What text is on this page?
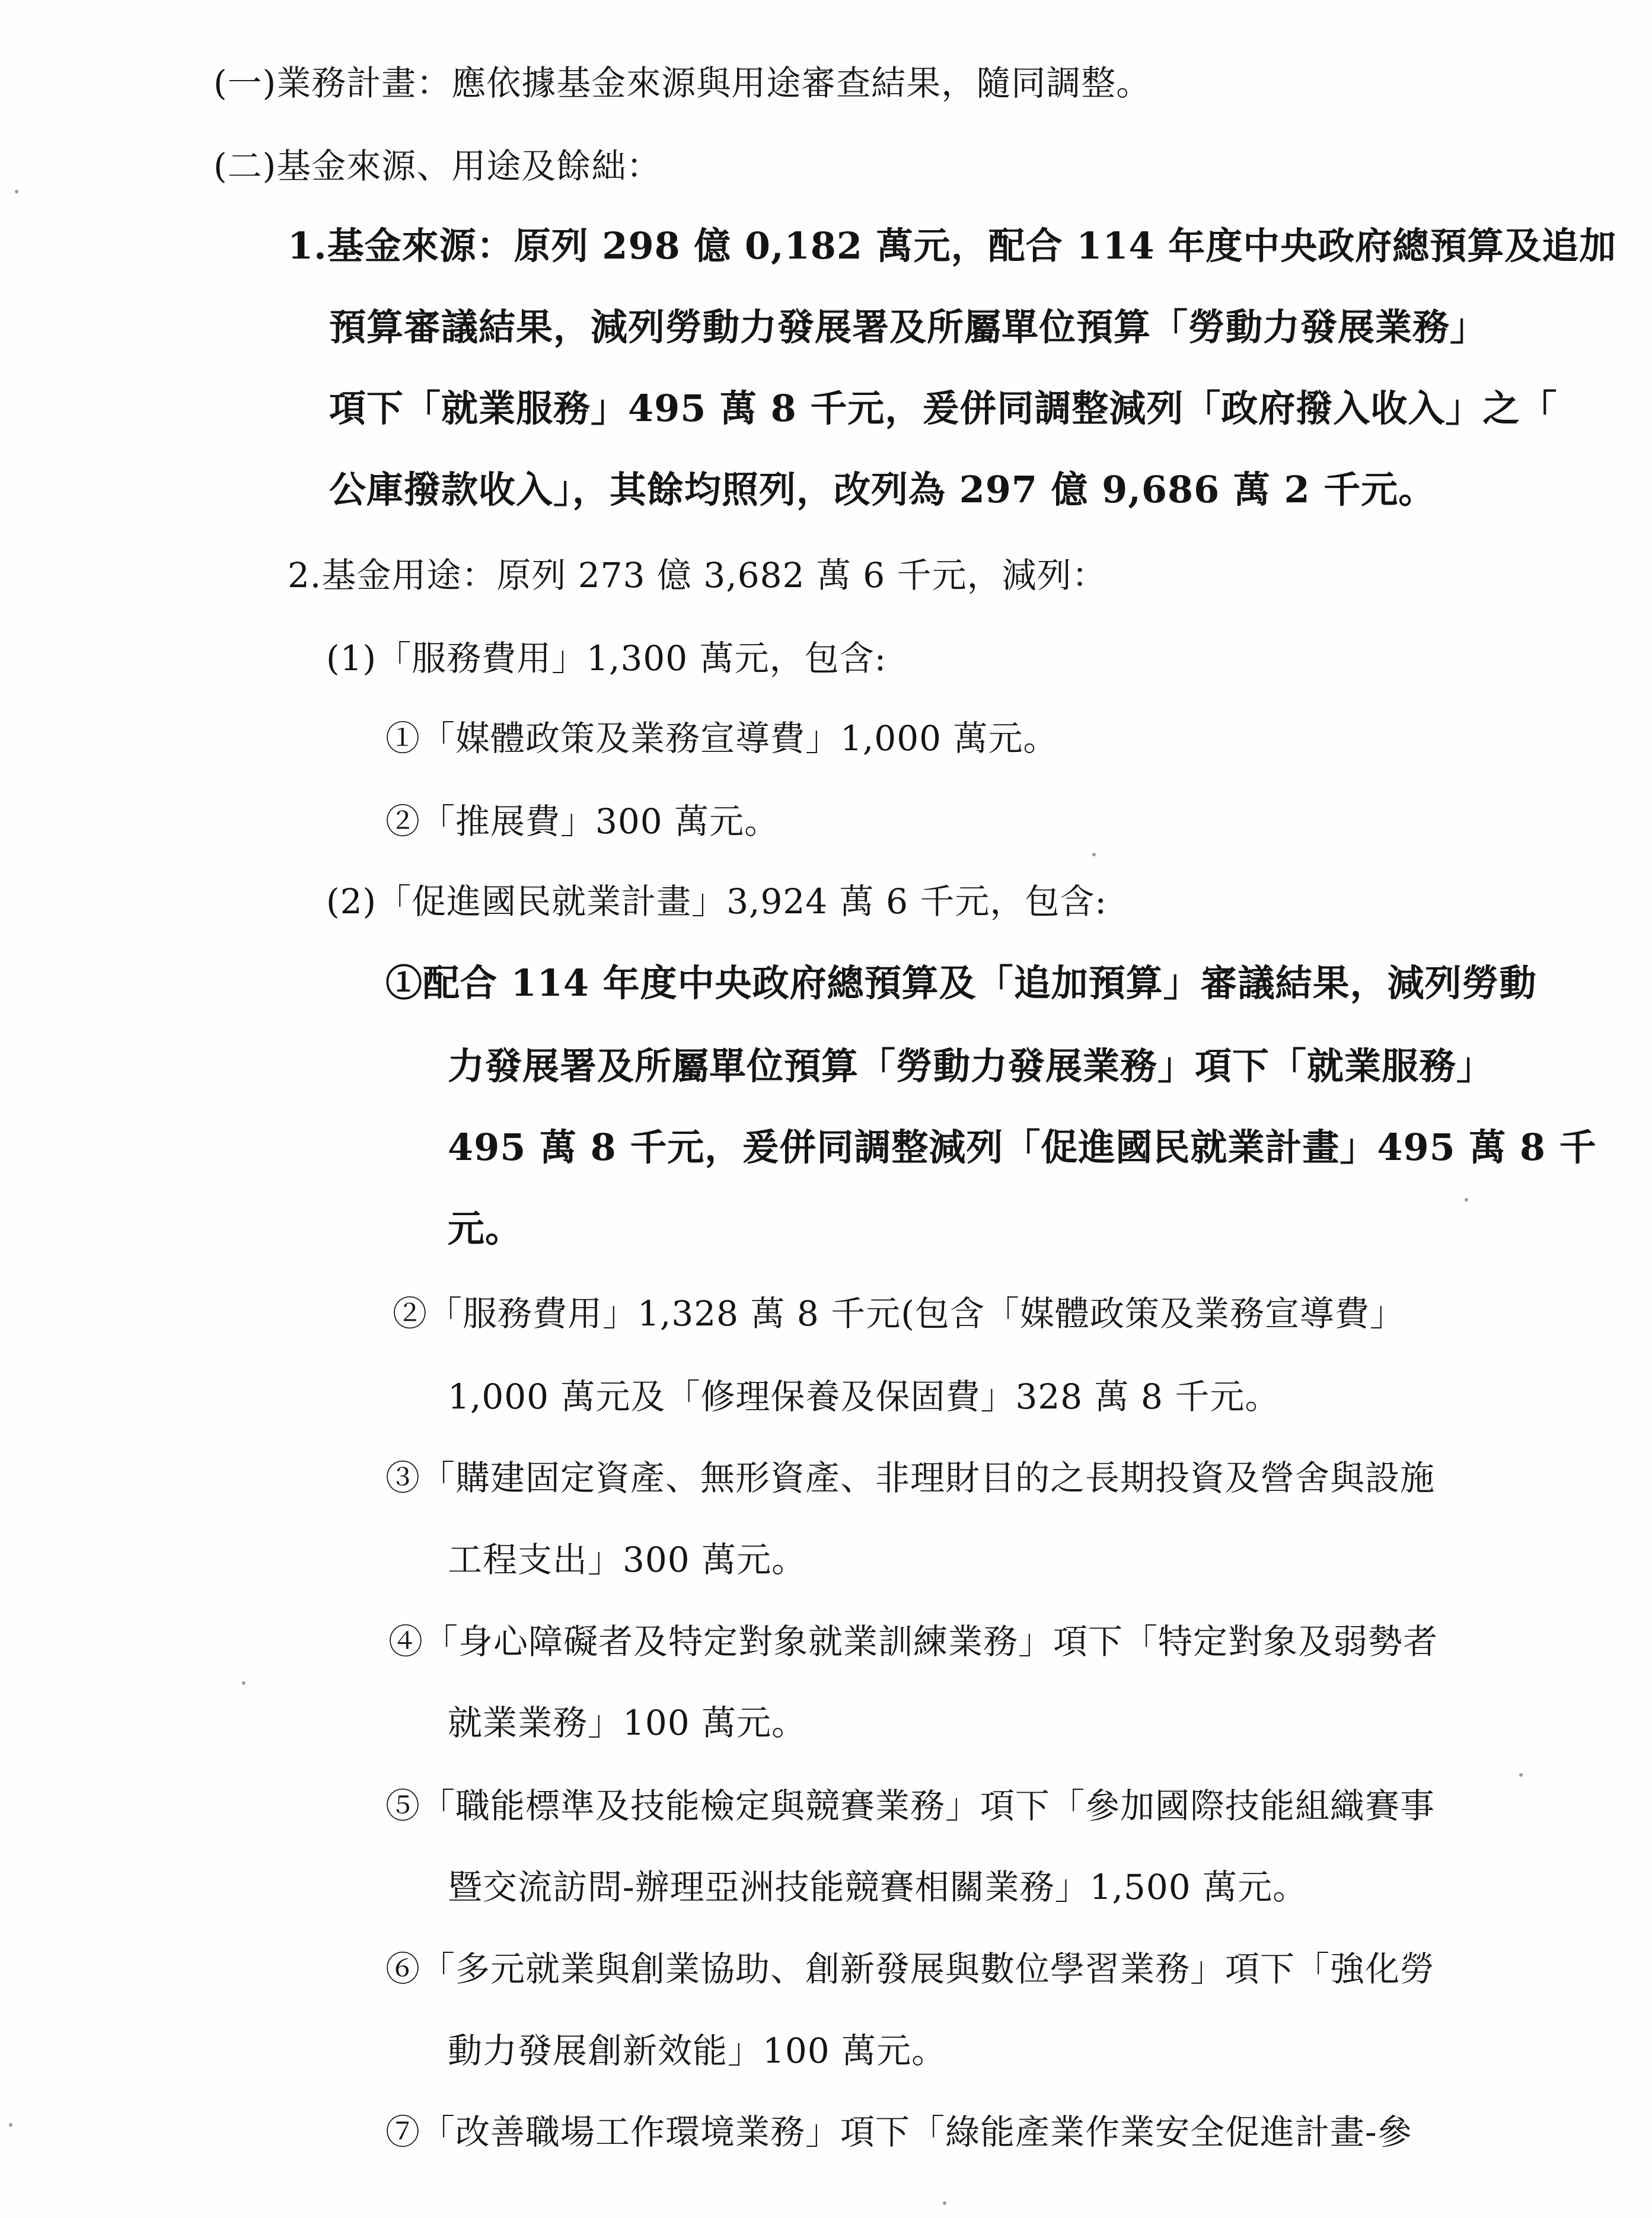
(一)業務計畫：應依據基金來源與用途審查結果，隨同調整。
(二)基金來源、用途及餘絀：
1.基金來源：原列 298 億 0,182 萬元，配合 114 年度中央政府總預算及追加
預算審議結果，減列勞動力發展署及所屬單位預算「勞動力發展業務」
項下「就業服務」495 萬 8 千元，爰併同調整減列「政府撥入收入」之「
公庫撥款收入」，其餘均照列，改列為 297 億 9,686 萬 2 千元。
2.基金用途：原列 273 億 3,682 萬 6 千元，減列：
(1)「服務費用」1,300 萬元，包含:
①「媒體政策及業務宣導費」1,000 萬元。
②「推展費」300 萬元。
(2)「促進國民就業計畫」3,924 萬 6 千元，包含:
①配合 114 年度中央政府總預算及「追加預算」審議結果，減列勞動
力發展署及所屬單位預算「勞動力發展業務」項下「就業服務」
495 萬 8 千元，爰併同調整減列「促進國民就業計畫」495 萬 8 千
元。
②「服務費用」1,328 萬 8 千元(包含「媒體政策及業務宣導費」
1,000 萬元及「修理保養及保固費」328 萬 8 千元。
③「購建固定資產、無形資產、非理財目的之長期投資及營舍與設施
工程支出」300 萬元。
④「身心障礙者及特定對象就業訓練業務」項下「特定對象及弱勢者
就業業務」100 萬元。
⑤「職能標準及技能檢定與競賽業務」項下「參加國際技能組織賽事
暨交流訪問-辦理亞洲技能競賽相關業務」1,500 萬元。
⑥「多元就業與創業協助、創新發展與數位學習業務」項下「強化勞
動力發展創新效能」100 萬元。
⑦「改善職場工作環境業務」項下「綠能產業作業安全促進計畫-參
